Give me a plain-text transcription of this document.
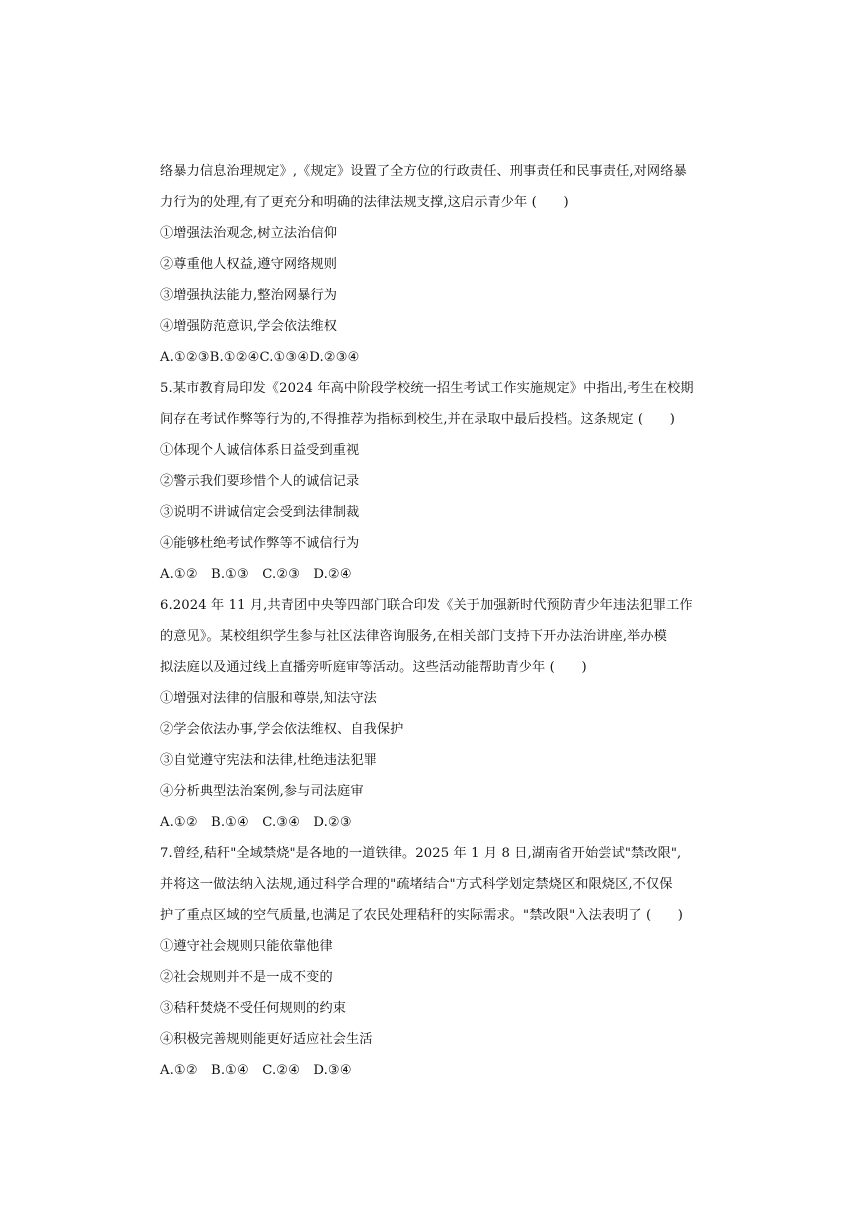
络暴力信息治理规定》,《规定》设置了全方位的行政责任、刑事责任和民事责任,对网络暴
力行为的处理,有了更充分和明确的法律法规支撑,这启示青少年 (　　)
①增强法治观念,树立法治信仰
②尊重他人权益,遵守网络规则
③增强执法能力,整治网暴行为
④增强防范意识,学会依法维权
A.①②③B.①②④C.①③④D.②③④
5.某市教育局印发《2024 年高中阶段学校统一招生考试工作实施规定》中指出,考生在校期
间存在考试作弊等行为的,不得推荐为指标到校生,并在录取中最后投档。这条规定 (　　)
①体现个人诚信体系日益受到重视
②警示我们要珍惜个人的诚信记录
③说明不讲诚信定会受到法律制裁
④能够杜绝考试作弊等不诚信行为
A.①②　B.①③　C.②③　D.②④
6.2024 年 11 月,共青团中央等四部门联合印发《关于加强新时代预防青少年违法犯罪工作
的意见》。某校组织学生参与社区法律咨询服务,在相关部门支持下开办法治讲座,举办模
拟法庭以及通过线上直播旁听庭审等活动。这些活动能帮助青少年 (　　)
①增强对法律的信服和尊崇,知法守法
②学会依法办事,学会依法维权、自我保护
③自觉遵守宪法和法律,杜绝违法犯罪
④分析典型法治案例,参与司法庭审
A.①②　B.①④　C.③④　D.②③
7.曾经,秸秆"全域禁烧"是各地的一道铁律。2025 年 1 月 8 日,湖南省开始尝试"禁改限",
并将这一做法纳入法规,通过科学合理的"疏堵结合"方式科学划定禁烧区和限烧区,不仅保
护了重点区域的空气质量,也满足了农民处理秸秆的实际需求。"禁改限"入法表明了 (　　)
①遵守社会规则只能依靠他律
②社会规则并不是一成不变的
③秸秆焚烧不受任何规则的约束
④积极完善规则能更好适应社会生活
A.①②　B.①④　C.②④　D.③④
